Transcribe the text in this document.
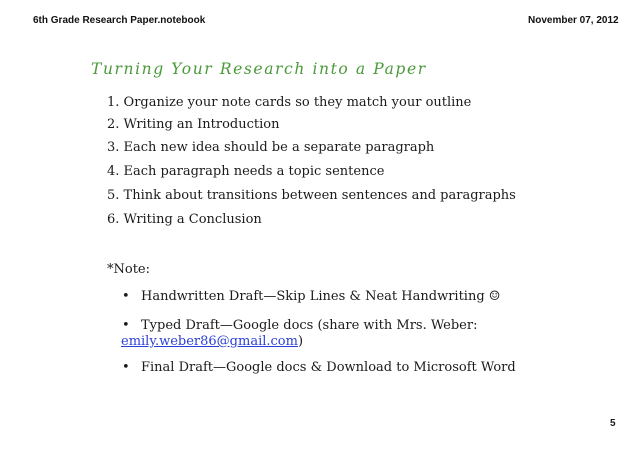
6th Grade Research Paper.notebook	November 07, 2012
Turning Your Research into a Paper
1. Organize your note cards so they match your outline
2. Writing an Introduction
3. Each new idea should be a separate paragraph
4. Each paragraph needs a topic sentence
5. Think about transitions between sentences and paragraphs
6. Writing a Conclusion
*Note:
• Handwritten Draft—Skip Lines & Neat Handwriting ☺
• Typed Draft—Google docs (share with Mrs. Weber:
emily.weber86@gmail.com)
• Final Draft—Google docs & Download to Microsoft Word
5
